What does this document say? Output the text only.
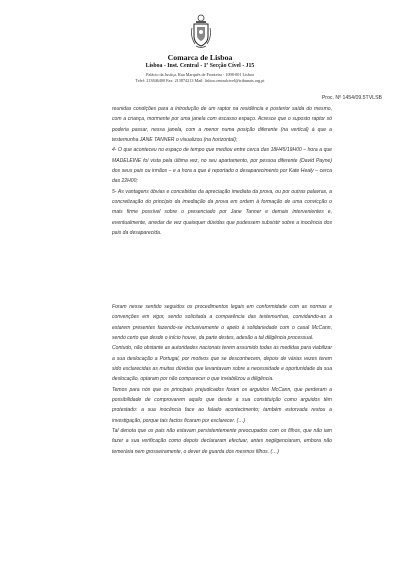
Comarca de Lisboa
Lisboa - Inst. Central - 1ª Secção Cível - J15
Palácio da Justiça, Rua Marquês de Fronteira - 1098-001 Lisboa
Telef: 213846400 Fax: 213874213 Mail: lisboa.centralcivel@tribunais.org.pt
Proc. Nº 1454/09.5TVLSB

reunidas condições para a introdução de um raptor na residência e posterior saída do mesmo, com a criança, mormente por uma janela com escasso espaço. Acresce que o suposto raptor só poderia passar, nessa janela, com a menor numa posição diferente (na vertical) à que a testemunha JANE TANNER o visualizou (na horizontal);

4- O que aconteceu no espaço de tempo que mediou entre cerca das 18H45/19H00 – hora a que MADELEINE foi vista pela última vez, no seu apartamento, por pessoa diferente (David Payne) dos seus pais ou irmãos – e a hora a que é reportado o desaparecimento por Kate Healy – cerca das 22H00;

5- As vantagens óbvias e concebidas da apreciação imediata da prova, ou por outras palavras, a concretização do princípio da imediação da prova em ordem à formação de uma convicção o mais firme possível sobre o presenciado por Jane Tanner e demais intervenientes e, eventualmente, arredar de vez quaisquer dúvidas que pudessem subsistir sobre a inocência dos pais da desaparecida.

Foram nesse sentido seguidos os procedimentos legais em conformidade com as normas e convenções em vigor, sendo solicitada a comparência das testemunhas, convidando-as a estarem presentes fazendo-se inclusivamente o apelo à solidariedade com o casal McCann, sendo certo que desde o início houve, da parte destes, adesão a tal diligência processual.

Contudo, não obstante as autoridades nacionais terem assumido todas as medidas para viabilizar a sua deslocação a Portugal, por motivos que se desconhecem, depois de várias vezes terem sido esclarecidas as muitas dúvidas que levantavam sobre a necessidade e oportunidade da sua deslocação, optaram por não comparecer o que inviabilizou a diligência.

Temos para nós que os principais prejudicados foram os arguidos McCann, que perderam a possibilidade de comprovarem aquilo que desde a sua constituição como arguidos têm protestado: a sua inocência face ao falado acontecimento; também estorvada restou a investigação, porque tais factos ficaram por esclarecer. (…)

Tal denota que os pais não estavam persistentemente preocupados com os filhos, que não iam fazer a sua verificação como depois declararam efectuar, antes negligenciaram, embora não temerária nem grosseiramente, o dever de guarda dos mesmos filhos. (…)
